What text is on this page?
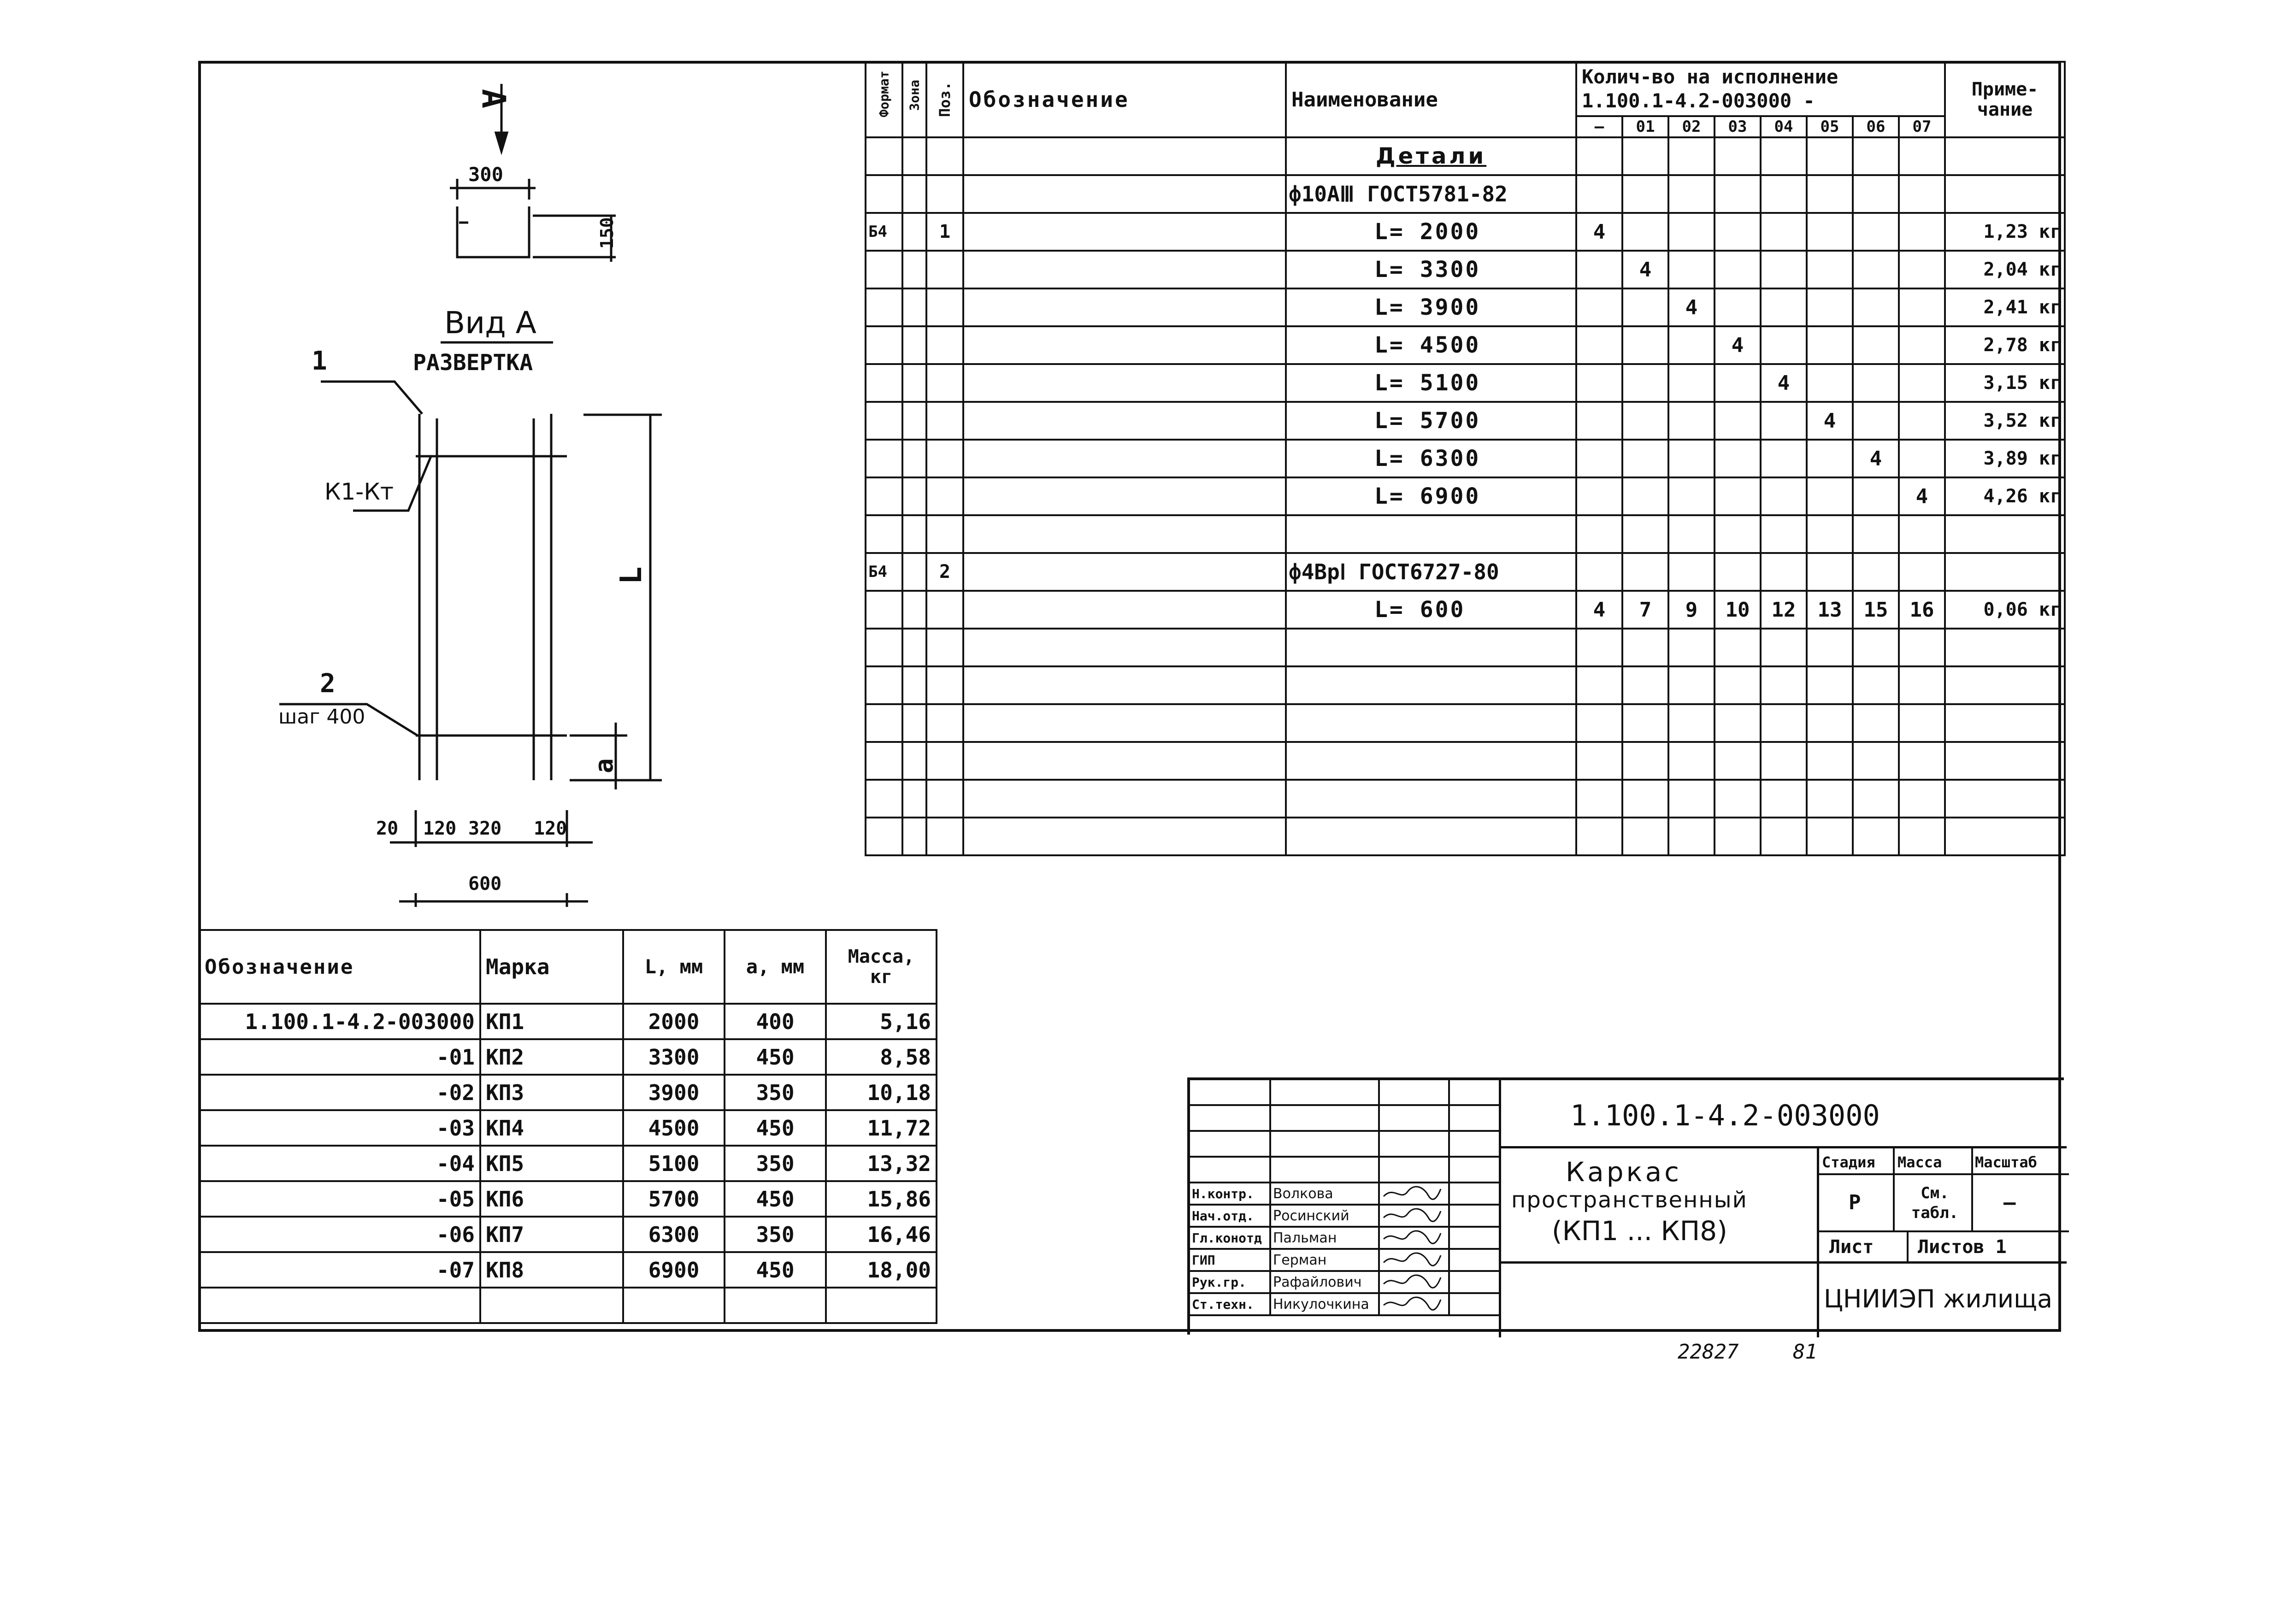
A
300
150
Вид A
РАЗВЕРТКА
1
К1-Кт
L
2
шаг 400
a
20 120 320 120
600
Формат	Зона	Поз.	Обозначение	Наименование	Колич-во на исполнение
1.100.1-4.2-003000 -								Приме-чание
					—	01	02	03	04	05	06	07	
				Детали									
				ф10АⅢ ГОСТ5781-82									
Б4		1		L= 2000	4								1,23 кг
				L= 3300		4							2,04 кг
				L= 3900			4						2,41 кг
				L= 4500				4					2,78 кг
				L= 5100					4				3,15 кг
				L= 5700						4			3,52 кг
				L= 6300							4		3,89 кг
				L= 6900								4	4,26 кг

Б4		2		ф4ВрⅠ ГОСТ6727-80									
				L= 600	4	7	9	10	12	13	15	16	0,06 кг

Обозначение	Марка	L, мм	a, мм	Масса, кг
1.100.1-4.2-003000	КП1	2000	400	5,16
-01	КП2	3300	450	8,58
-02	КП3	3900	350	10,18
-03	КП4	4500	450	11,72
-04	КП5	5100	350	13,32
-05	КП6	5700	450	15,86
-06	КП7	6300	350	16,46
-07	КП8	6900	450	18,00

Н.контр.	Волкова		
Нач.отд.	Росинский		
Гл.конотд	Пальман		
ГИП	Герман		
Рук.гр.	Рафайлович		
Ст.техн.	Никулочкина		
1.100.1-4.2-003000
Каркас
пространственный
(КП1 ... КП8)
Стадия Масса Масштаб
Р	См. табл.	—
Лист Листов 1
ЦНИИЭП жилища
22827	81
